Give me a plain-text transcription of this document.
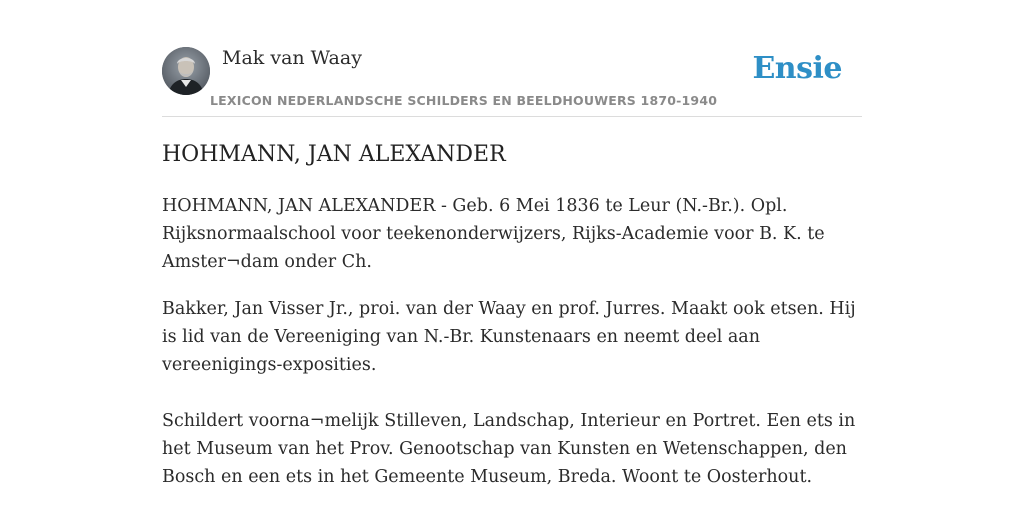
Mak van Waay
LEXICON NEDERLANDSCHE SCHILDERS EN BEELDHOUWERS 1870-1940
Ensie
HOHMANN, JAN ALEXANDER

HOHMANN, JAN ALEXANDER - Geb. 6 Mei 1836 te Leur (N.-Br.). Opl. Rijksnormaalschool voor teekenonderwijzers, Rijks-Academie voor B. K. te Amster¬dam onder Ch.

Bakker, Jan Visser Jr., proi. van der Waay en prof. Jurres. Maakt ook etsen. Hij is lid van de Vereeniging van N.-Br. Kunstenaars en neemt deel aan vereenigings-exposities.

Schildert voorna¬melijk Stilleven, Landschap, Interieur en Portret. Een ets in het Museum van het Prov. Genootschap van Kunsten en Wetenschappen, den Bosch en een ets in het Gemeente Museum, Breda. Woont te Oosterhout.
